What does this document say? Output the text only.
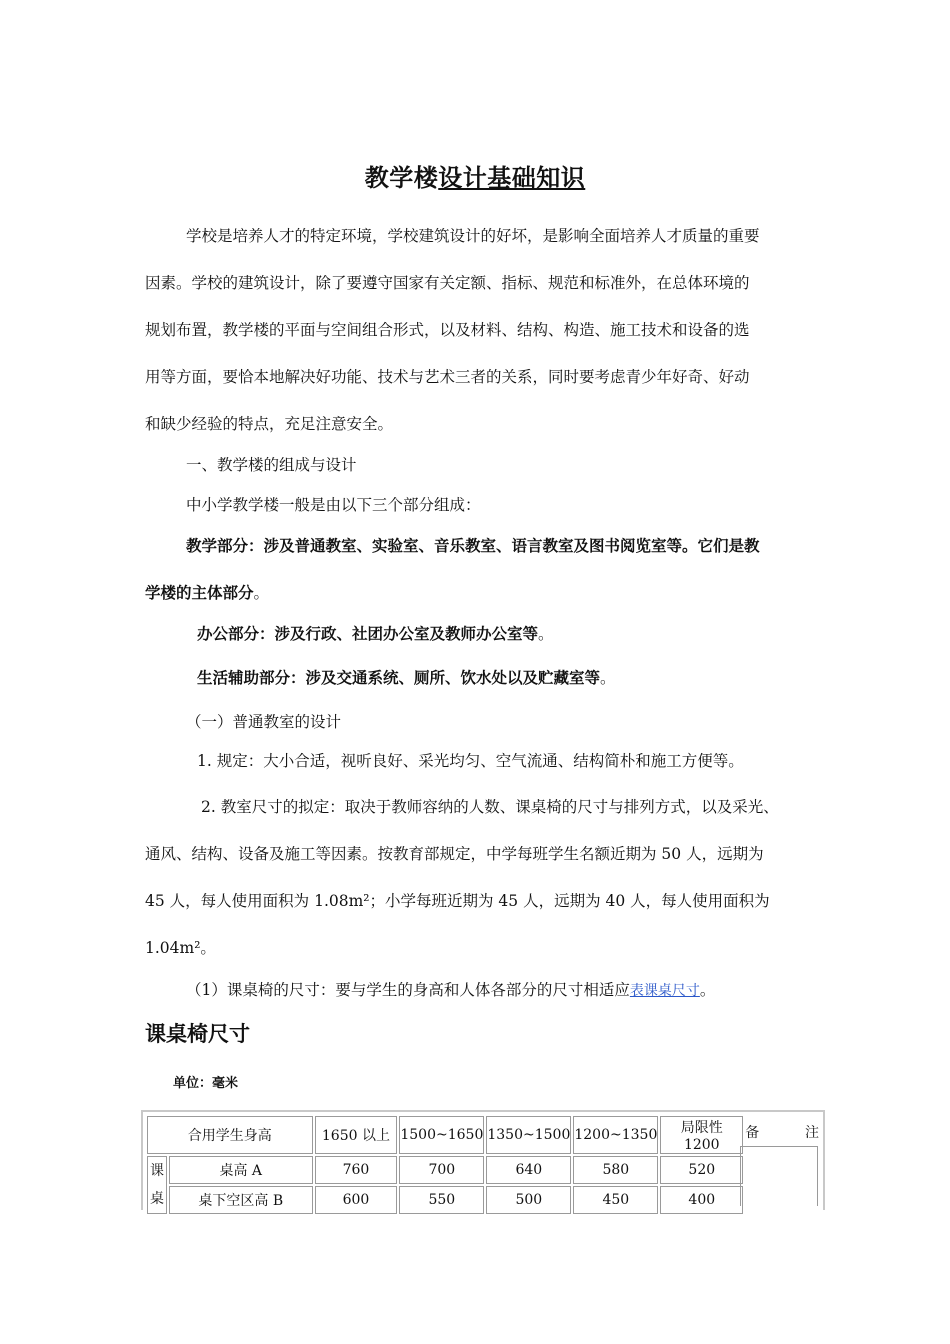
教学楼设计基础知识
学校是培养人才的特定环境，学校建筑设计的好坏，是影响全面培养人才质量的重要
因素。学校的建筑设计，除了要遵守国家有关定额、指标、规范和标准外，在总体环境的
规划布置，教学楼的平面与空间组合形式，以及材料、结构、构造、施工技术和设备的选
用等方面，要恰本地解决好功能、技术与艺术三者的关系，同时要考虑青少年好奇、好动
和缺少经验的特点，充足注意安全。
一、教学楼的组成与设计
中小学教学楼一般是由以下三个部分组成：
教学部分：涉及普通教室、实验室、音乐教室、语言教室及图书阅览室等。它们是教
学楼的主体部分。
办公部分：涉及行政、社团办公室及教师办公室等。
生活辅助部分：涉及交通系统、厕所、饮水处以及贮藏室等。
（一）普通教室的设计
1. 规定：大小合适，视听良好、采光均匀、空气流通、结构简朴和施工方便等。
2. 教室尺寸的拟定：取决于教师容纳的人数、课桌椅的尺寸与排列方式，以及采光、
通风、结构、设备及施工等因素。按教育部规定，中学每班学生名额近期为 50 人，远期为
45 人，每人使用面积为 1.08m²；小学每班近期为 45 人，远期为 40 人，每人使用面积为
1.04m²。
（1）课桌椅的尺寸：要与学生的身高和人体各部分的尺寸相适应表课桌尺寸。
课桌椅尺寸
单位：毫米
合用学生身高		1650 以上	1500~1650	1350~1500	1200~1350	局限性 1200	备 注

课
桌	桌高 A	760	700	640	580	520	
	桌下空区高 B	600	550	500	450	400	
